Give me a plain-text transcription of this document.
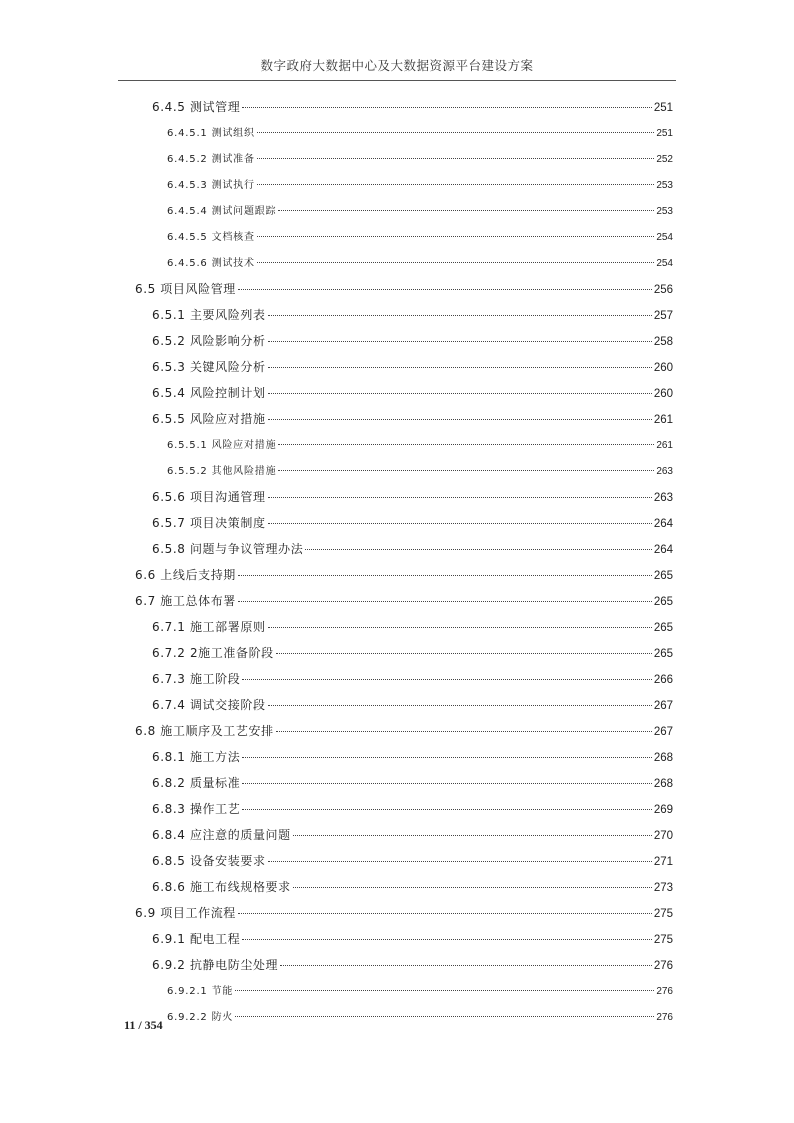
数字政府大数据中心及大数据资源平台建设方案
6.4.5 测试管理	251
6.4.5.1 测试组织	251
6.4.5.2 测试准备	252
6.4.5.3 测试执行	253
6.4.5.4 测试问题跟踪	253
6.4.5.5 文档核查	254
6.4.5.6 测试技术	254
6.5 项目风险管理	256
6.5.1 主要风险列表	257
6.5.2 风险影响分析	258
6.5.3 关键风险分析	260
6.5.4 风险控制计划	260
6.5.5 风险应对措施	261
6.5.5.1 风险应对措施	261
6.5.5.2 其他风险措施	263
6.5.6 项目沟通管理	263
6.5.7 项目决策制度	264
6.5.8 问题与争议管理办法	264
6.6 上线后支持期	265
6.7 施工总体布署	265
6.7.1 施工部署原则	265
6.7.2 2施工准备阶段	265
6.7.3 施工阶段	266
6.7.4 调试交接阶段	267
6.8 施工顺序及工艺安排	267
6.8.1 施工方法	268
6.8.2 质量标准	268
6.8.3 操作工艺	269
6.8.4 应注意的质量问题	270
6.8.5 设备安装要求	271
6.8.6 施工布线规格要求	273
6.9 项目工作流程	275
6.9.1 配电工程	275
6.9.2 抗静电防尘处理	276
6.9.2.1 节能	276
6.9.2.2 防火	276
11 / 354
